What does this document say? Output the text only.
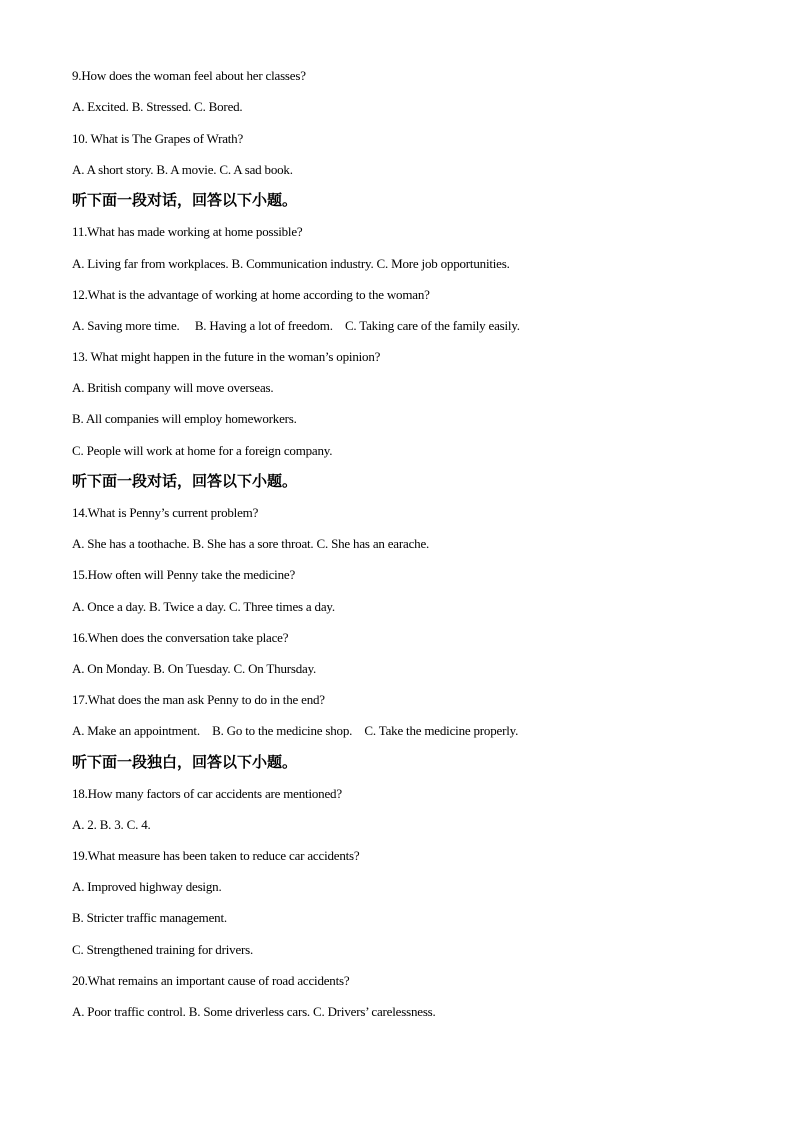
9.How does the woman feel about her classes?
A. Excited. B. Stressed. C. Bored.
10. What is The Grapes of Wrath?
A. A short story. B. A movie. C. A sad book.
听下面一段对话，回答以下小题。
11.What has made working at home possible?
A. Living far from workplaces. B. Communication industry. C. More job opportunities.
12.What is the advantage of working at home according to the woman?
A. Saving more time.     B. Having a lot of freedom.    C. Taking care of the family easily.
13. What might happen in the future in the woman’s opinion?
A. British company will move overseas.
B. All companies will employ homeworkers.
C. People will work at home for a foreign company.
听下面一段对话，回答以下小题。
14.What is Penny’s current problem?
A. She has a toothache. B. She has a sore throat. C. She has an earache.
15.How often will Penny take the medicine?
A. Once a day. B. Twice a day. C. Three times a day.
16.When does the conversation take place?
A. On Monday. B. On Tuesday. C. On Thursday.
17.What does the man ask Penny to do in the end?
A. Make an appointment.    B. Go to the medicine shop.    C. Take the medicine properly.
听下面一段独白，回答以下小题。
18.How many factors of car accidents are mentioned?
A. 2. B. 3. C. 4.
19.What measure has been taken to reduce car accidents?
A. Improved highway design.
B. Stricter traffic management.
C. Strengthened training for drivers.
20.What remains an important cause of road accidents?
A. Poor traffic control. B. Some driverless cars. C. Drivers’ carelessness.
